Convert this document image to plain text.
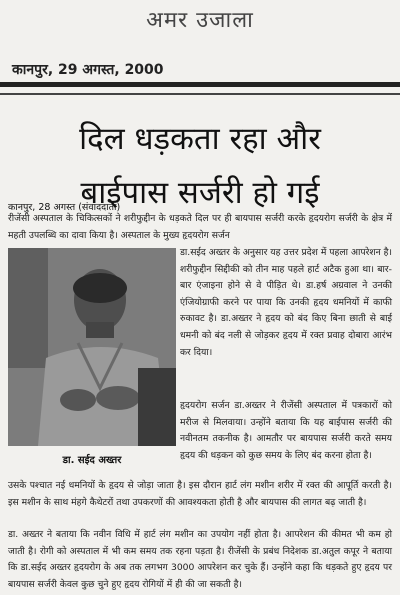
अमर उजाला
कानपुर, 29 अगस्त, 2000
दिल धड़कता रहा और
बाईपास सर्जरी हो गई
कानपुर, 28 अगस्त (संवाददाता)
रीजेंसी अस्पताल के चिकित्सकों ने शरीफुद्दीन के धड़कते दिल पर ही बायपास सर्जरी करके हृदयरोग सर्जरी के क्षेत्र में महती उपलब्धि का दावा किया है। अस्पताल के मुख्य हृदयरोग सर्जन
डा. सईद अख्तर
डा.सईद अख्तर के अनुसार यह उत्तर प्रदेश में पहला आपरेशन है। शरीफुद्दीन सिद्दीकी को तीन माह पहले हार्ट अटैक हुआ था। बार-बार एंजाइना होने से वे पीड़ित थे। डा.हर्ष अग्रवाल ने उनकी एंजियोग्राफी करने पर पाया कि उनकी हृदय धमनियों में काफी रुकावट है। डा.अख्तर ने हृदय को बंद किए बिना छाती से बाई धमनी को बंद नली से जोड़कर हृदय में रक्त प्रवाह दोबारा आरंभ कर दिया।
हृदयरोग सर्जन डा.अख्तर ने रीजेंसी अस्पताल में पत्रकारों को मरीज से मिलवाया। उन्होंने बताया कि यह बाईपास सर्जरी की नवीनतम तकनीक है। आमतौर पर बायपास सर्जरी करते समय हृदय की धड़कन को कुछ समय के लिए बंद करना होता है।
उसके पश्चात नई धमनियों के हृदय से जोड़ा जाता है। इस दौरान हार्ट लंग मशीन शरीर में रक्त की आपूर्ति करती है। इस मशीन के साथ मंहगे कैथेटरों तथा उपकरणों की आवश्यकता होती है और बायपास की लागत बढ़ जाती है।
डा. अख्तर ने बताया कि नवीन विधि में हार्ट लंग मशीन का उपयोग नहीं होता है। आपरेशन की कीमत भी कम हो जाती है। रोगी को अस्पताल में भी कम समय तक रहना पड़ता है। रीजेंसी के प्रबंध निदेशक डा.अतुल कपूर ने बताया कि डा.सईद अख्तर हृदयरोग के अब तक लगभग 3000 आपरेशन कर चुके हैं। उन्होंने कहा कि धड़कते हुए हृदय पर बायपास सर्जरी केवल कुछ चुने हुए हृदय रोगियों में ही की जा सकती है।
